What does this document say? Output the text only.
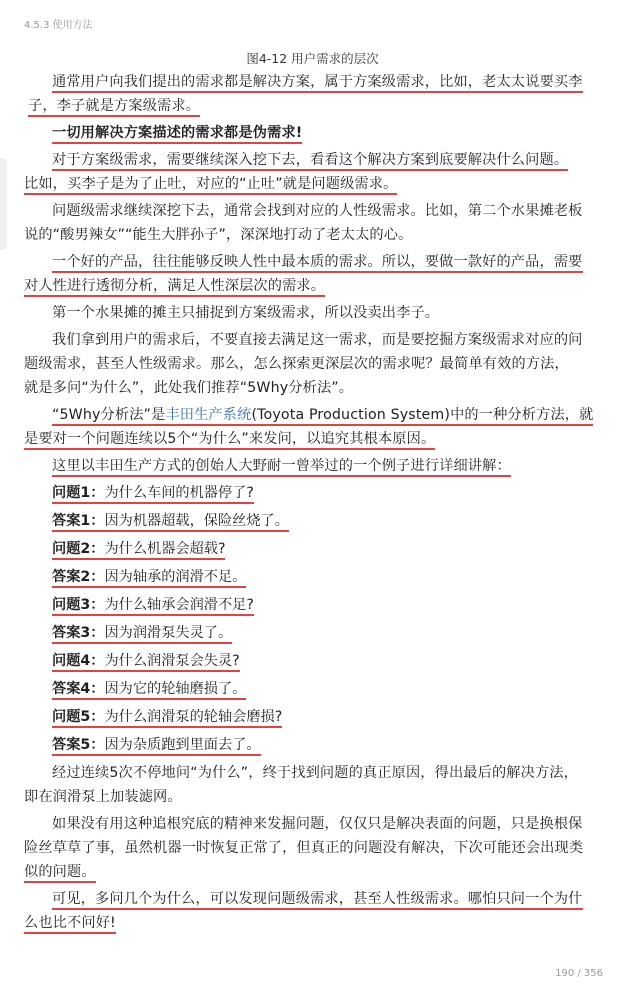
4.5.3 使用方法
图4-12 用户需求的层次

通常用户向我们提出的需求都是解决方案，属于方案级需求，比如，老太太说要买李
子，李子就是方案级需求。

一切用解决方案描述的需求都是伪需求!

对于方案级需求，需要继续深入挖下去，看看这个解决方案到底要解决什么问题。
比如，买李子是为了止吐，对应的“止吐”就是问题级需求。

问题级需求继续深挖下去，通常会找到对应的人性级需求。比如，第二个水果摊老板
说的“酸男辣女”“能生大胖孙子”，深深地打动了老太太的心。

一个好的产品，往往能够反映人性中最本质的需求。所以，要做一款好的产品，需要
对人性进行透彻分析，满足人性深层次的需求。

第一个水果摊的摊主只捕捉到方案级需求，所以没卖出李子。

我们拿到用户的需求后，不要直接去满足这一需求，而是要挖掘方案级需求对应的问
题级需求，甚至人性级需求。那么，怎么探索更深层次的需求呢？最简单有效的方法，
就是多问“为什么”，此处我们推荐“5Why分析法”。

“5Why分析法”是丰田生产系统(Toyota Production System)中的一种分析方法，就
是要对一个问题连续以5个“为什么”来发问，以追究其根本原因。

这里以丰田生产方式的创始人大野耐一曾举过的一个例子进行详细讲解：

问题1：为什么车间的机器停了?

答案1：因为机器超载，保险丝烧了。

问题2：为什么机器会超载?

答案2：因为轴承的润滑不足。

问题3：为什么轴承会润滑不足?

答案3：因为润滑泵失灵了。

问题4：为什么润滑泵会失灵?

答案4：因为它的轮轴磨损了。

问题5：为什么润滑泵的轮轴会磨损?

答案5：因为杂质跑到里面去了。

经过连续5次不停地问“为什么”，终于找到问题的真正原因，得出最后的解决方法，
即在润滑泵上加装滤网。

如果没有用这种追根究底的精神来发掘问题，仅仅只是解决表面的问题，只是换根保
险丝草草了事，虽然机器一时恢复正常了，但真正的问题没有解决，下次可能还会出现类
似的问题。

可见，多问几个为什么，可以发现问题级需求，甚至人性级需求。哪怕只问一个为什
么也比不问好!

190 / 356
